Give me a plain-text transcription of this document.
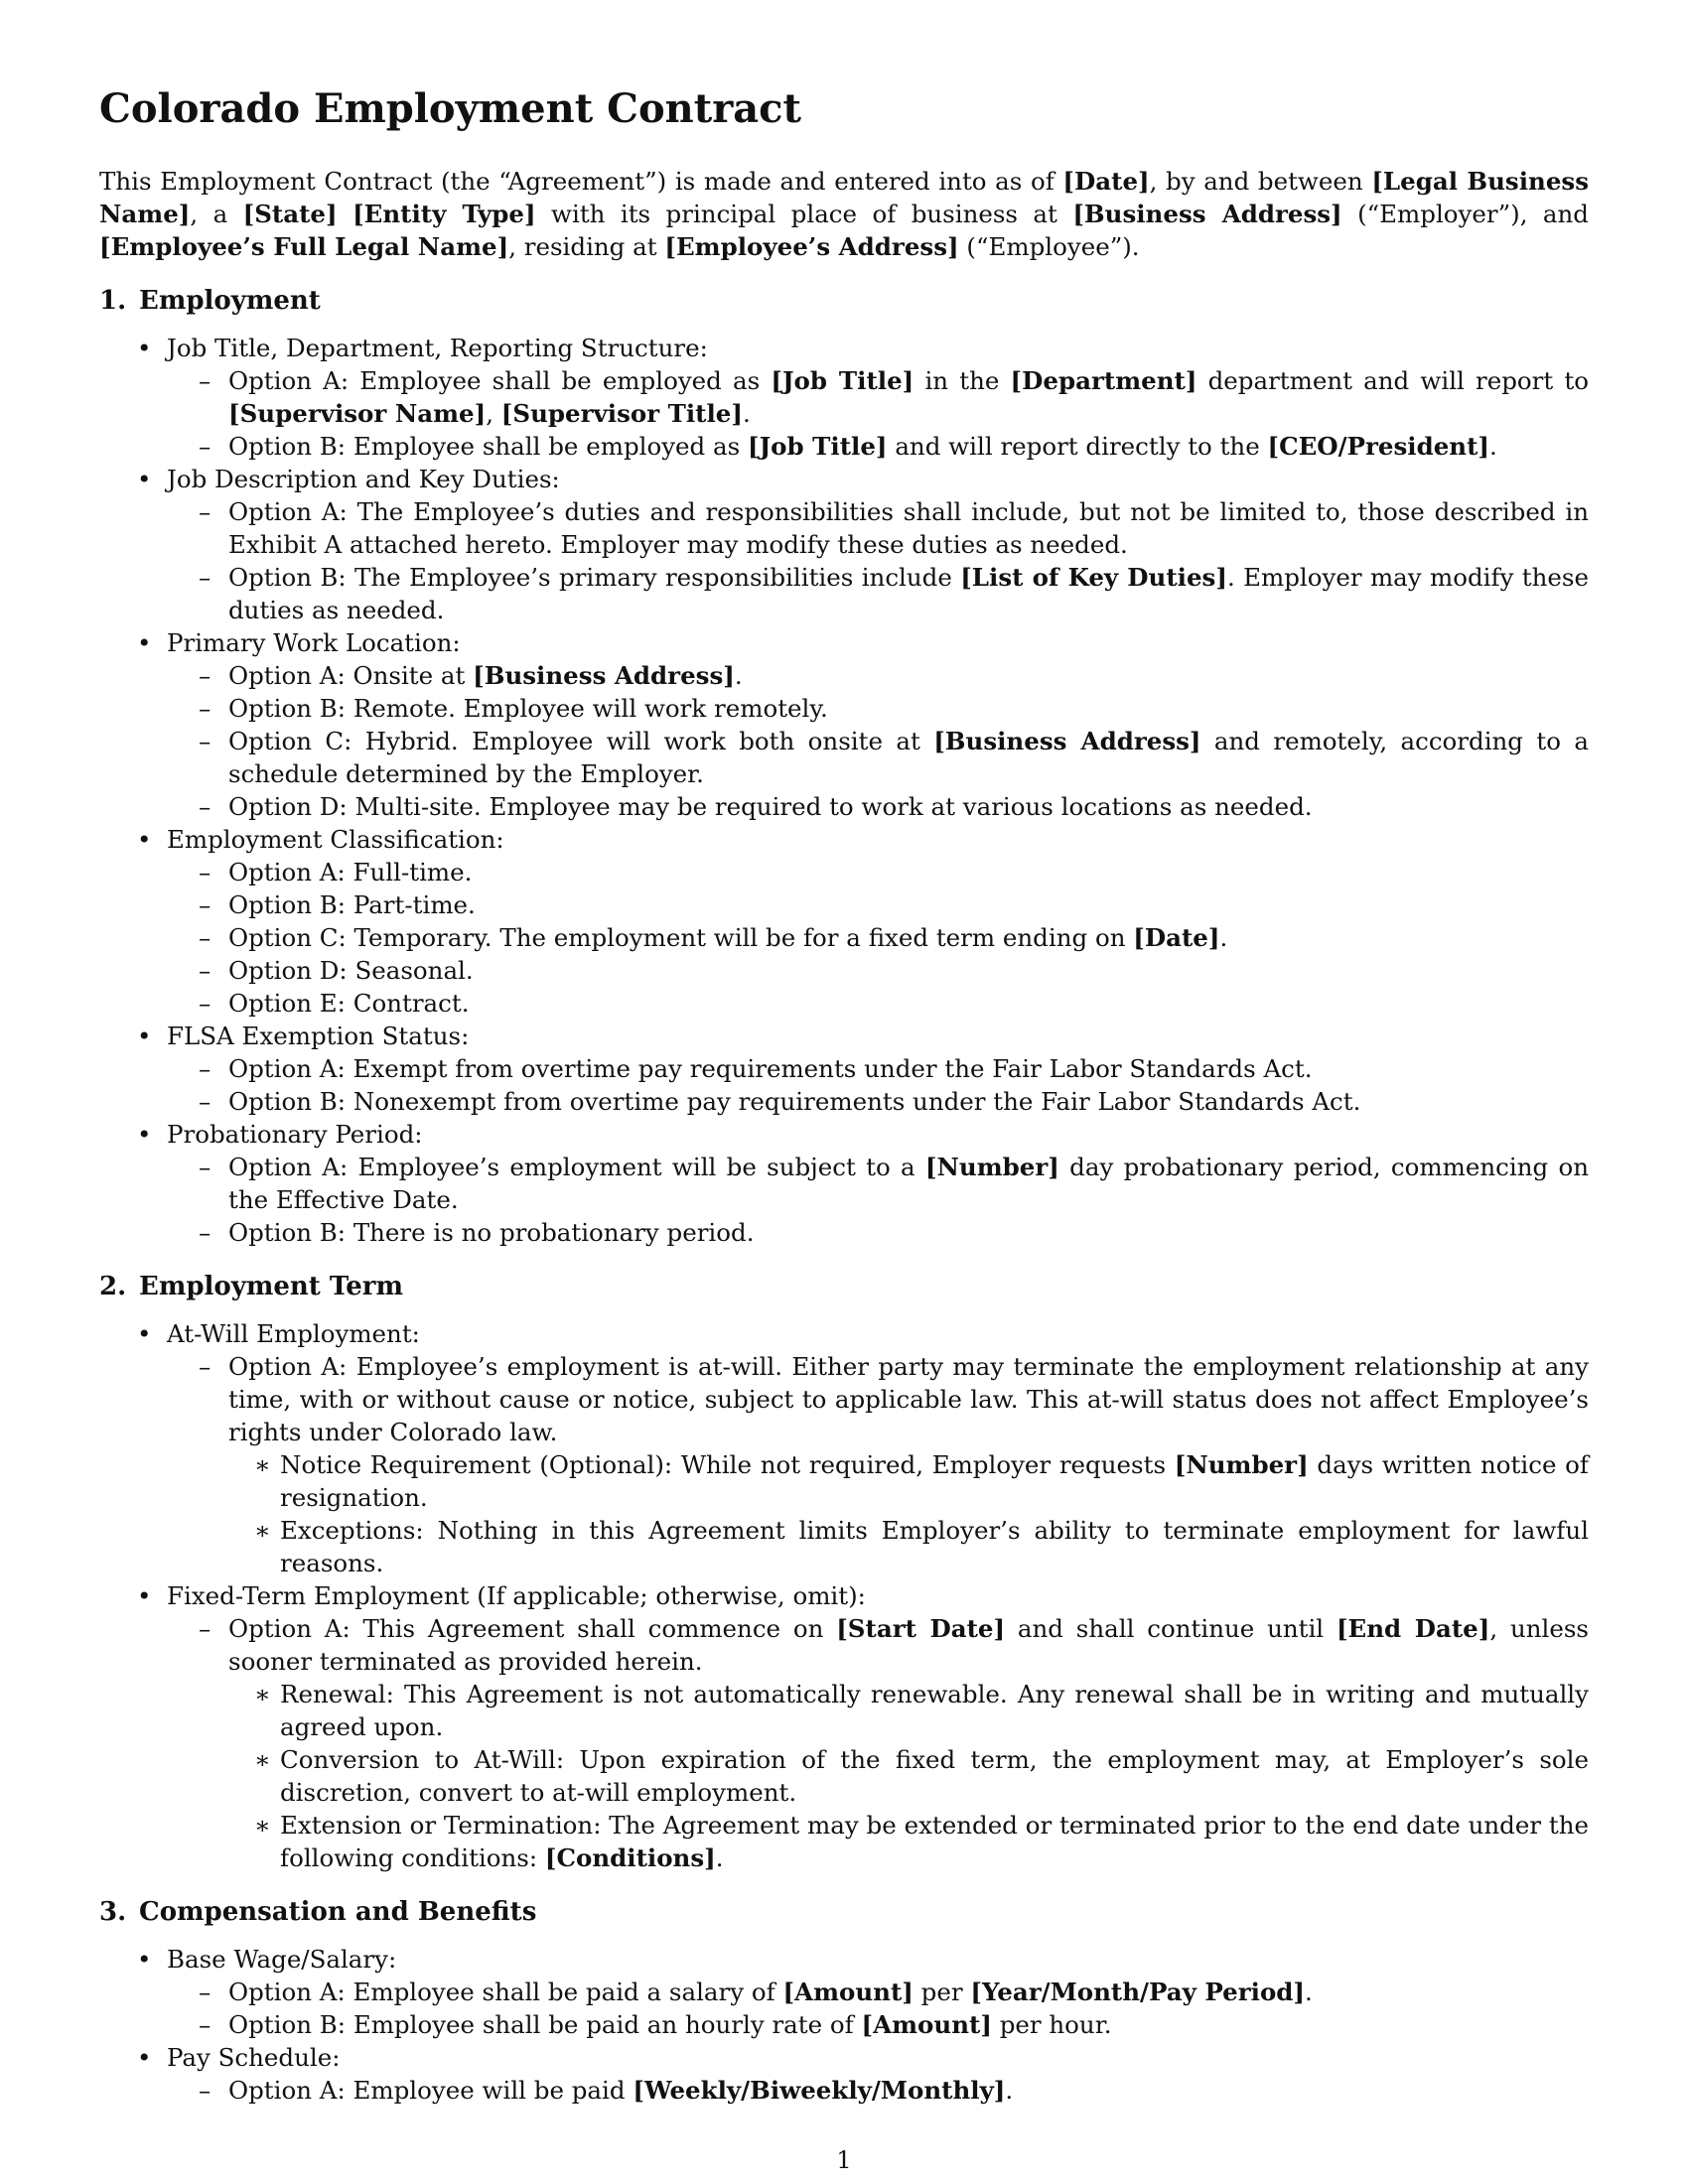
Colorado Employment Contract

This Employment Contract (the “Agreement”) is made and entered into as of [Date], by and between [Legal Business Name], a [State] [Entity Type] with its principal place of business at [Business Address] (“Employer”), and [Employee’s Full Legal Name], residing at [Employee’s Address] (“Employee”).

1. Employment
• Job Title, Department, Reporting Structure:
– Option A: Employee shall be employed as [Job Title] in the [Department] department and will report to [Supervisor Name], [Supervisor Title].
– Option B: Employee shall be employed as [Job Title] and will report directly to the [CEO/President].
• Job Description and Key Duties:
– Option A: The Employee’s duties and responsibilities shall include, but not be limited to, those described in Exhibit A attached hereto. Employer may modify these duties as needed.
– Option B: The Employee’s primary responsibilities include [List of Key Duties]. Employer may modify these duties as needed.
• Primary Work Location:
– Option A: Onsite at [Business Address].
– Option B: Remote. Employee will work remotely.
– Option C: Hybrid. Employee will work both onsite at [Business Address] and remotely, according to a schedule determined by the Employer.
– Option D: Multi-site. Employee may be required to work at various locations as needed.
• Employment Classification:
– Option A: Full-time.
– Option B: Part-time.
– Option C: Temporary. The employment will be for a fixed term ending on [Date].
– Option D: Seasonal.
– Option E: Contract.
• FLSA Exemption Status:
– Option A: Exempt from overtime pay requirements under the Fair Labor Standards Act.
– Option B: Nonexempt from overtime pay requirements under the Fair Labor Standards Act.
• Probationary Period:
– Option A: Employee’s employment will be subject to a [Number] day probationary period, commencing on the Effective Date.
– Option B: There is no probationary period.
2. Employment Term
• At-Will Employment:
– Option A: Employee’s employment is at-will. Either party may terminate the employment relationship at any time, with or without cause or notice, subject to applicable law. This at-will status does not affect Employee’s rights under Colorado law.
∗ Notice Requirement (Optional): While not required, Employer requests [Number] days written notice of resignation.
∗ Exceptions: Nothing in this Agreement limits Employer’s ability to terminate employment for lawful reasons.
• Fixed-Term Employment (If applicable; otherwise, omit):
– Option A: This Agreement shall commence on [Start Date] and shall continue until [End Date], unless sooner terminated as provided herein.
∗ Renewal: This Agreement is not automatically renewable. Any renewal shall be in writing and mutually agreed upon.
∗ Conversion to At-Will: Upon expiration of the fixed term, the employment may, at Employer’s sole discretion, convert to at-will employment.
∗ Extension or Termination: The Agreement may be extended or terminated prior to the end date under the following conditions: [Conditions].
3. Compensation and Benefits
• Base Wage/Salary:
– Option A: Employee shall be paid a salary of [Amount] per [Year/Month/Pay Period].
– Option B: Employee shall be paid an hourly rate of [Amount] per hour.
• Pay Schedule:
– Option A: Employee will be paid [Weekly/Biweekly/Monthly].
1
